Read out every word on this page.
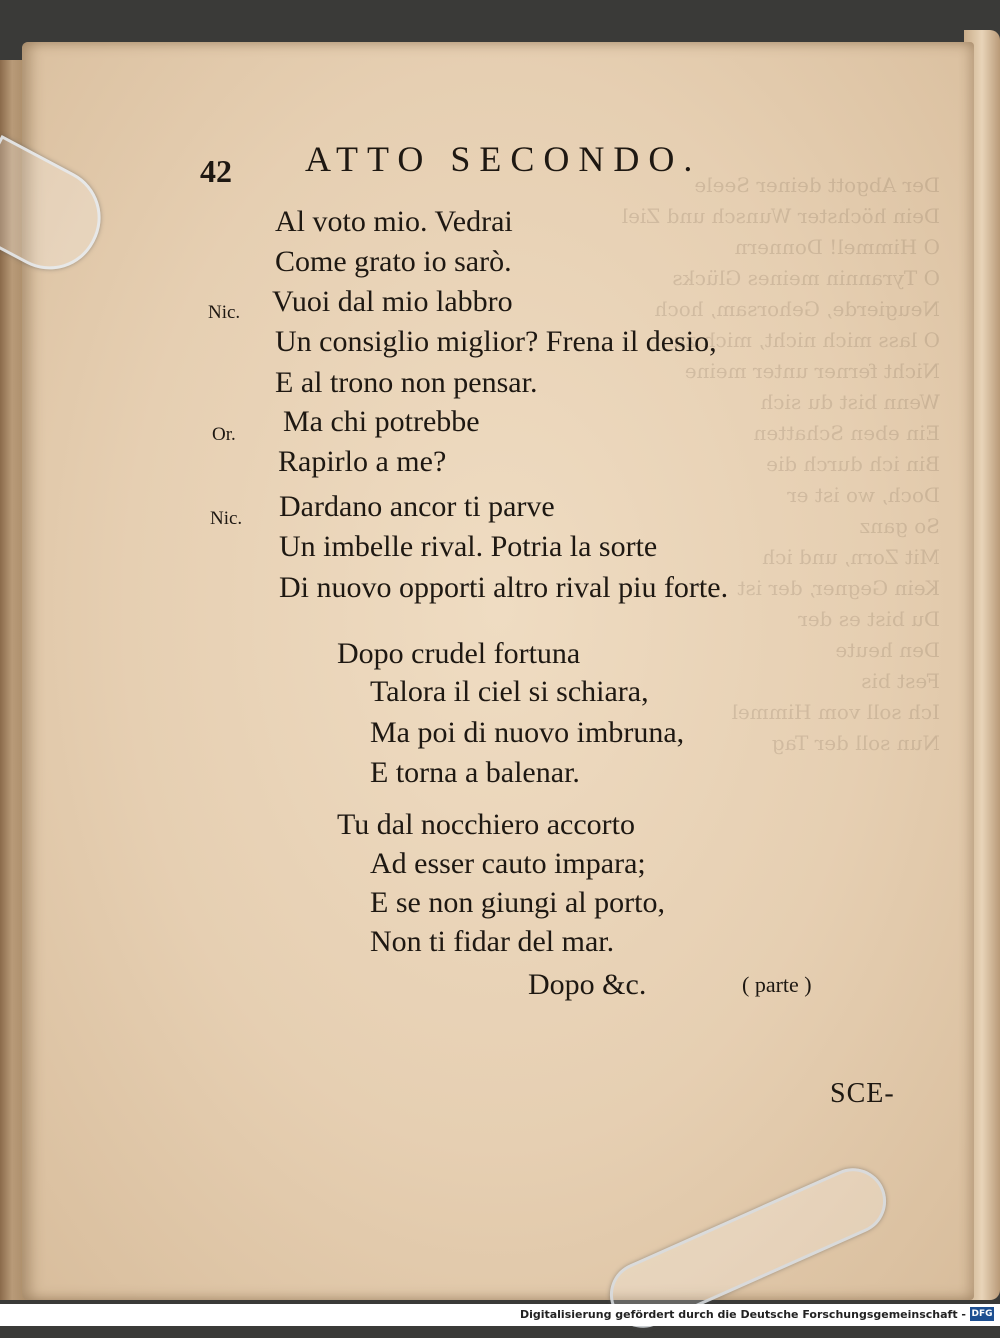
Der Abgott deiner Seele
Dein höchster Wunsch und Ziel
O Himmel! Donnern
O Tyrannin meines Glücks
Neugierde, Gehorsam, hoch
O lass mich nicht, mich zu
Nicht ferner unter meine
Wenn bist du sich
Ein eben Schatten
Bin ich durch die
Doch, wo ist er
So ganz
Mit Zorn, und ich
Kein Gegner, der ist
Du bist es der
Den heute
Fest bis
Ich soll vom Himmel
Nun soll der Tag
42 ATTO SECONDO.
Al voto mio. Vedrai
Come grato io sarò.
Nic. Vuoi dal mio labbro
Un consiglio miglior? Frena il desio,
E al trono non pensar.
Or. Ma chi potrebbe
Rapirlo a me?
Nic. Dardano ancor ti parve
Un imbelle rival. Potria la sorte
Di nuovo opporti altro rival piu forte.
Dopo crudel fortuna
Talora il ciel si schiara,
Ma poi di nuovo imbruna,
E torna a balenar.
Tu dal nocchiero accorto
Ad esser cauto impara;
E se non giungi al porto,
Non ti fidar del mar.
Dopo &c.	( parte )
SCE-
Digitalisierung gefördert durch die Deutsche Forschungsgemeinschaft - DFG
